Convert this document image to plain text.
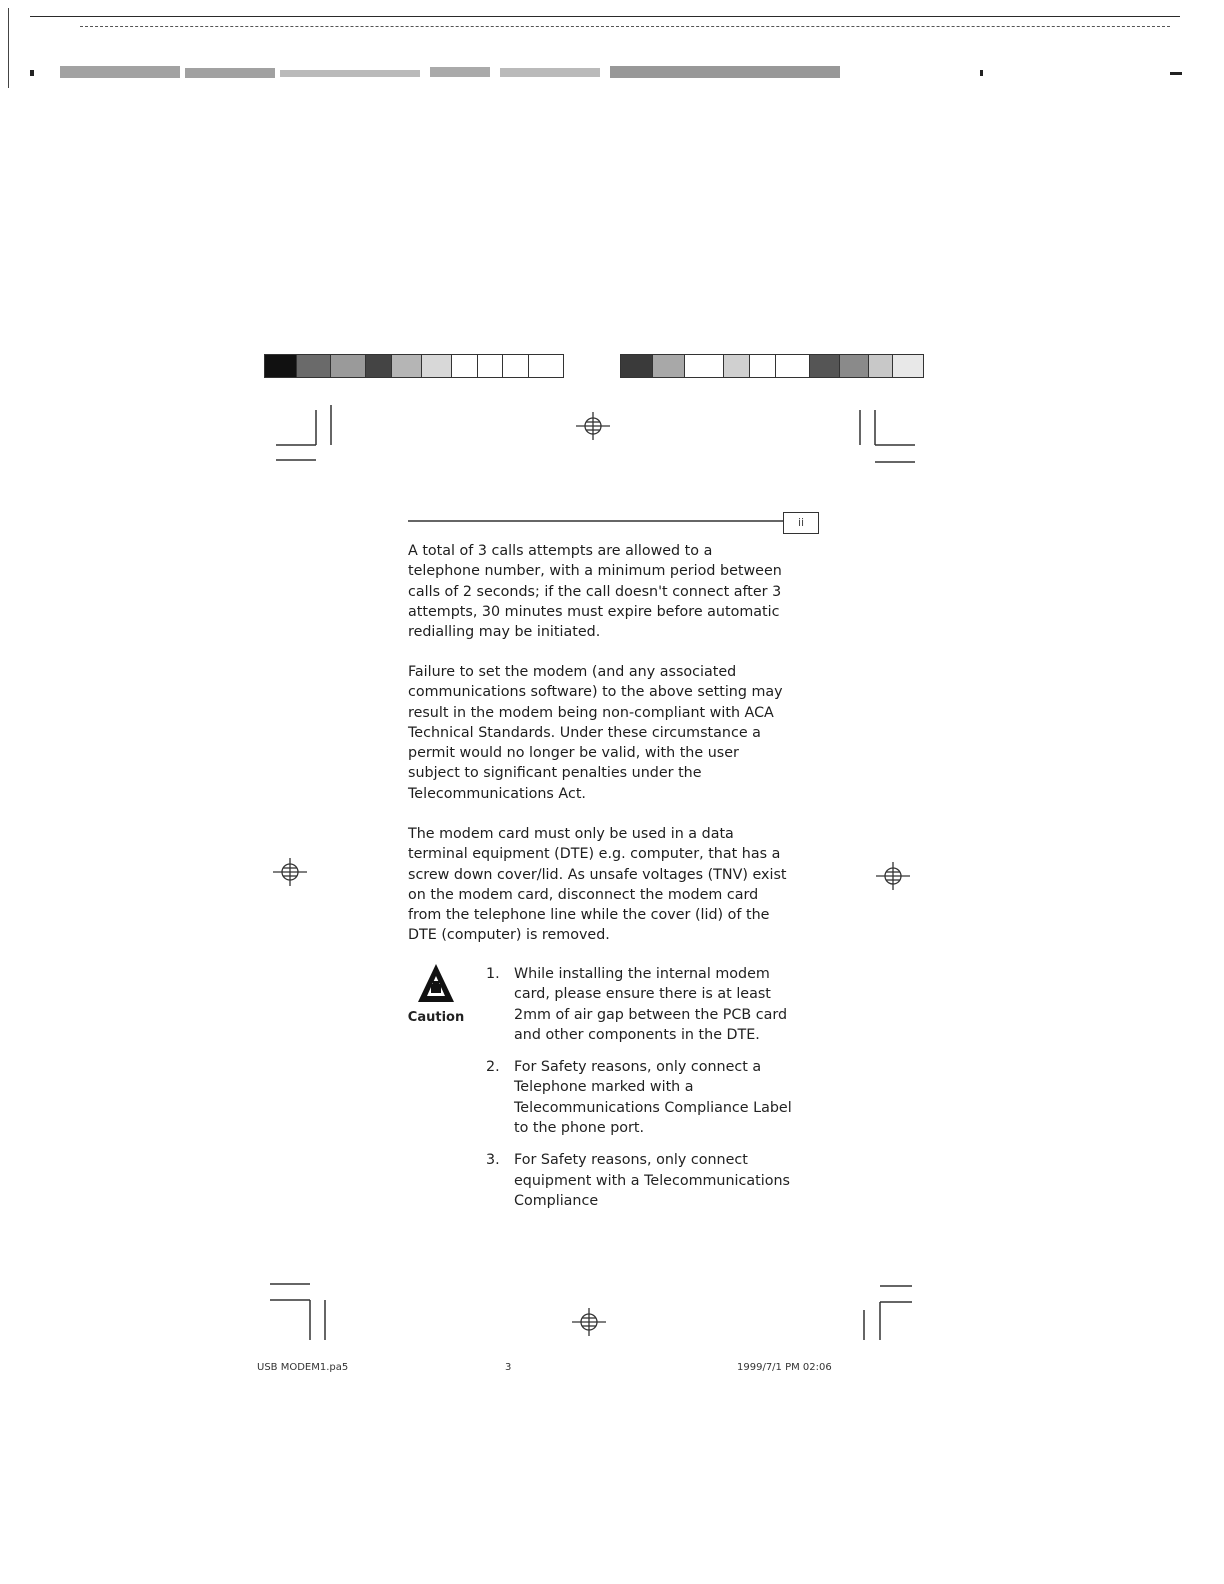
ii

A total of 3 calls attempts are allowed to a telephone number, with a minimum period between calls of 2 seconds; if the call doesn't connect after 3 attempts, 30 minutes must expire before automatic redialling may be initiated.

Failure to set the modem (and any associated communications software) to the above setting may result in the modem being non-compliant with ACA Technical Standards. Under these circumstance a permit would no longer be valid, with the user subject to significant penalties under the Telecommunications Act.

The modem card must only be used in a data terminal equipment (DTE) e.g. computer, that has a screw down cover/lid. As unsafe voltages (TNV) exist on the modem card, disconnect the modem card from the telephone line while the cover (lid) of the DTE (computer) is removed.

Caution
1.	While installing the internal modem card, please ensure there is at least 2mm of air gap between the PCB card and other components in the DTE.
2.	For Safety reasons, only connect a Telephone marked with a Telecommunications Compliance Label to the phone port.
3.	For Safety reasons, only connect equipment with a Telecommunications Compliance
USB MODEM1.pa5	3	1999/7/1 PM 02:06
